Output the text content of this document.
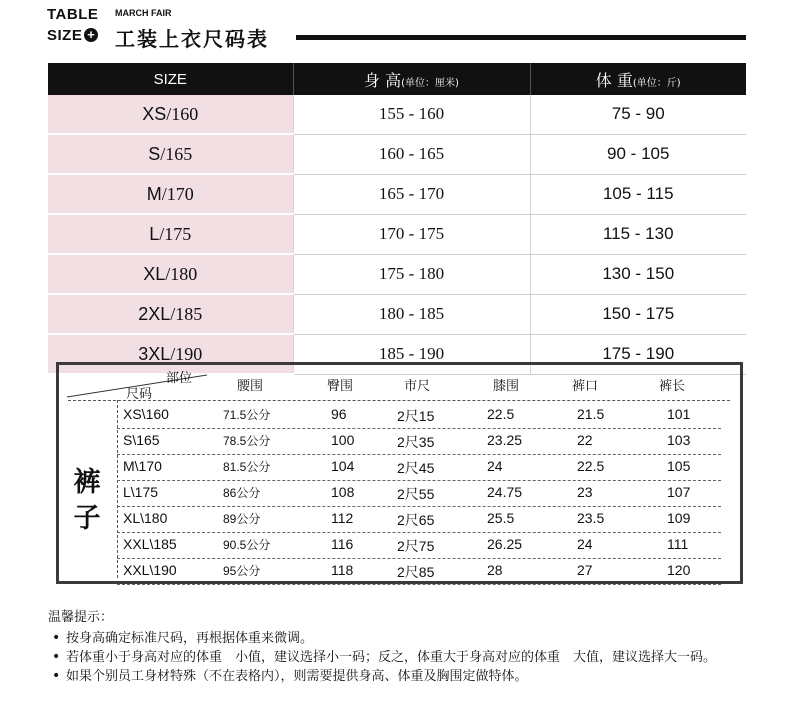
TABLE
SIZE +
MARCH FAIR
工装上衣尺码表
SIZE	身 高(单位：厘米)	体 重(单位：斤)
XS/160	155 - 160	75 - 90
S/165	160 - 165	90 - 105
M/170	165 - 170	105 - 115
L/175	170 - 175	115 - 130
XL/180	175 - 180	130 - 150
2XL/185	180 - 185	150 - 175
3XL/190	185 - 190	175 - 190
部位
尺码
腰围	臀围	市尺	膝围	裤口	裤长
裤子
XS\160	71.5公分	96	2尺15	22.5	21.5	101
S\165	78.5公分	100	2尺35	23.25	22	103
M\170	81.5公分	104	2尺45	24	22.5	105
L\175	86公分	108	2尺55	24.75	23	107
XL\180	89公分	112	2尺65	25.5	23.5	109
XXL\185	90.5公分	116	2尺75	26.25	24	111
XXL\190	95公分	118	2尺85	28	27	120
温馨提示：
• 按身高确定标准尺码，再根据体重来微调。
• 若体重小于身高对应的体重　小值，建议选择小一码；反之，体重大于身高对应的体重　大值，建议选择大一码。
• 如果个别员工身材特殊（不在表格内），则需要提供身高、体重及胸围定做特体。
